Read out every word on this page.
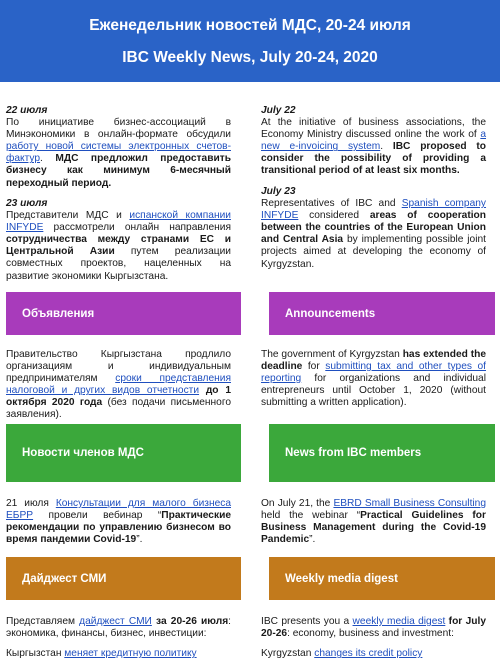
Еженедельник новостей МДС, 20-24 июля
IBC Weekly News, July 20-24, 2020
22 июля
По инициативе бизнес-ассоциаций в Минэкономики в онлайн-формате обсудили работу новой системы электронных счетов-фактур. МДС предложил предоставить бизнесу как минимум 6-месячный переходный период.
23 июля
Представители МДС и испанской компании INFYDE рассмотрели онлайн направления сотрудничества между странами ЕС и Центральной Азии путем реализации совместных проектов, нацеленных на развитие экономики Кыргызстана.
July 22
At the initiative of business associations, the Economy Ministry discussed online the work of a new e-invoicing system. IBC proposed to consider the possibility of providing a transitional period of at least six months.
July 23
Representatives of IBC and Spanish company INFYDE considered areas of cooperation between the countries of the European Union and Central Asia by implementing possible joint projects aimed at developing the economy of Kyrgyzstan.
Объявления	Announcements
Правительство Кыргызстана продлило организациям и индивидуальным предпринимателям сроки представления налоговой и других видов отчетности до 1 октября 2020 года (без подачи письменного заявления).
The government of Kyrgyzstan has extended the deadline for submitting tax and other types of reporting for organizations and individual entrepreneurs until October 1, 2020 (without submitting a written application).
Новости членов МДС	News from IBC members
21 июля Консультации для малого бизнеса ЕБРР провели вебинар “Практические рекомендации по управлению бизнесом во время пандемии Covid-19”.
On July 21, the EBRD Small Business Consulting held the webinar “Practical Guidelines for Business Management during the Covid-19 Pandemic”.
Дайджест СМИ	Weekly media digest
Представляем дайджест СМИ за 20-26 июля: экономика, финансы, бизнес, инвестиции:
Кыргызстан меняет кредитную политику
IBC presents you a weekly media digest for July 20-26: economy, business and investment:
Kyrgyzstan changes its credit policy
